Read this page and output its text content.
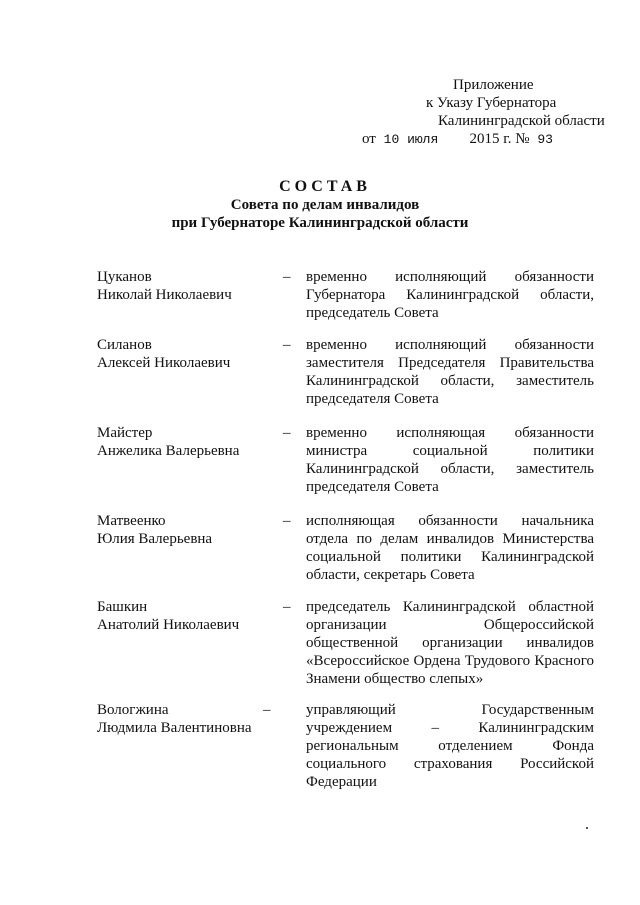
Приложение
к Указу Губернатора
Калининградской области
от 10 июля 2015 г. № 93
СОСТАВ
Совета по делам инвалидов
при Губернаторе Калининградской области
Цуканов
Николай Николаевич
– временно исполняющий обязанности Губернатора Калининградской области, председатель Совета
Силанов
Алексей Николаевич
– временно исполняющий обязанности заместителя Председателя Правительства Калининградской области, заместитель председателя Совета
Майстер
Анжелика Валерьевна
– временно исполняющая обязанности министра социальной политики Калининградской области, заместитель председателя Совета
Матвеенко
Юлия Валерьевна
– исполняющая обязанности начальника отдела по делам инвалидов Министерства социальной политики Калининградской области, секретарь Совета
Башкин
Анатолий Николаевич
– председатель Калининградской областной организации Общероссийской общественной организации инвалидов «Всероссийское Ордена Трудового Красного Знамени общество слепых»
Вологжина
Людмила Валентиновна
– управляющий Государственным учреждением – Калининградским региональным отделением Фонда социального страхования Российской Федерации
